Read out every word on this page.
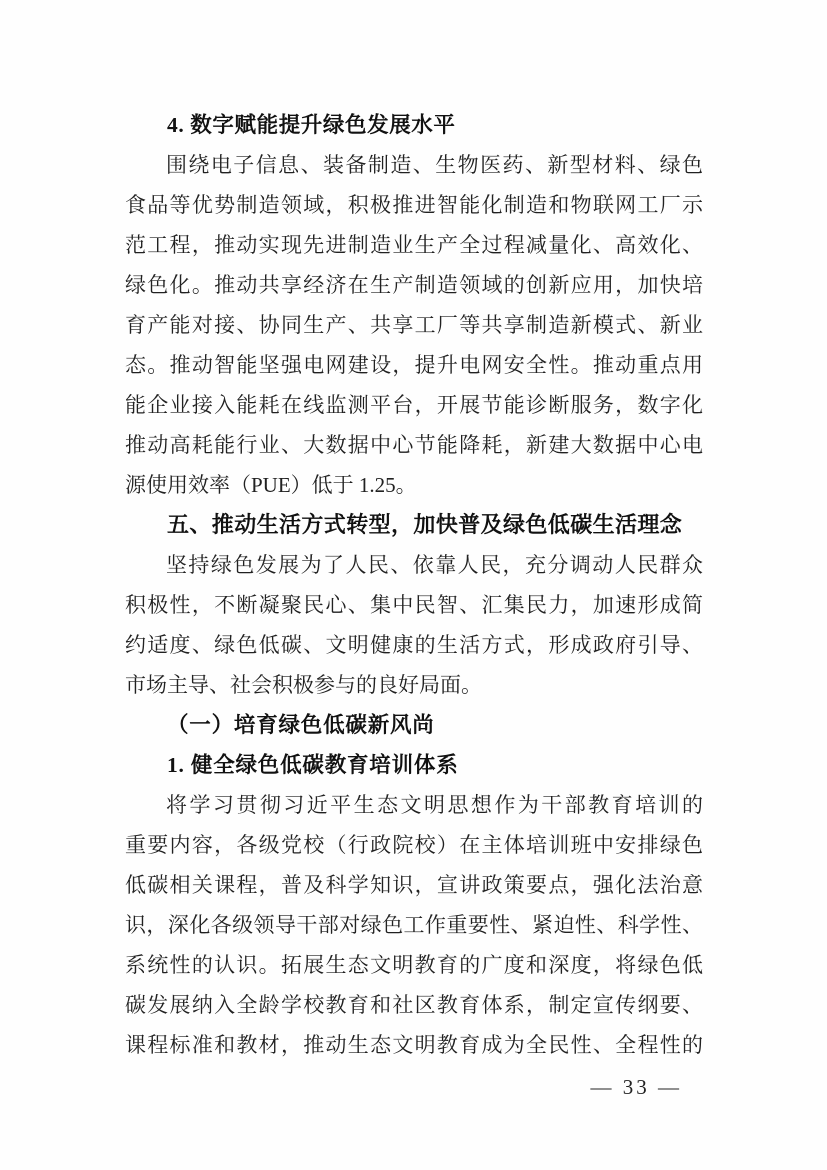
4. 数字赋能提升绿色发展水平
围绕电子信息、装备制造、生物医药、新型材料、绿色
食品等优势制造领域，积极推进智能化制造和物联网工厂示
范工程，推动实现先进制造业生产全过程减量化、高效化、
绿色化。推动共享经济在生产制造领域的创新应用，加快培
育产能对接、协同生产、共享工厂等共享制造新模式、新业
态。推动智能坚强电网建设，提升电网安全性。推动重点用
能企业接入能耗在线监测平台，开展节能诊断服务，数字化
推动高耗能行业、大数据中心节能降耗，新建大数据中心电
源使用效率（PUE）低于 1.25。
五、推动生活方式转型，加快普及绿色低碳生活理念
坚持绿色发展为了人民、依靠人民，充分调动人民群众
积极性，不断凝聚民心、集中民智、汇集民力，加速形成简
约适度、绿色低碳、文明健康的生活方式，形成政府引导、
市场主导、社会积极参与的良好局面。
（一）培育绿色低碳新风尚
1. 健全绿色低碳教育培训体系
将学习贯彻习近平生态文明思想作为干部教育培训的
重要内容，各级党校（行政院校）在主体培训班中安排绿色
低碳相关课程，普及科学知识，宣讲政策要点，强化法治意
识，深化各级领导干部对绿色工作重要性、紧迫性、科学性、
系统性的认识。拓展生态文明教育的广度和深度，将绿色低
碳发展纳入全龄学校教育和社区教育体系，制定宣传纲要、
课程标准和教材，推动生态文明教育成为全民性、全程性的
— 33 —
